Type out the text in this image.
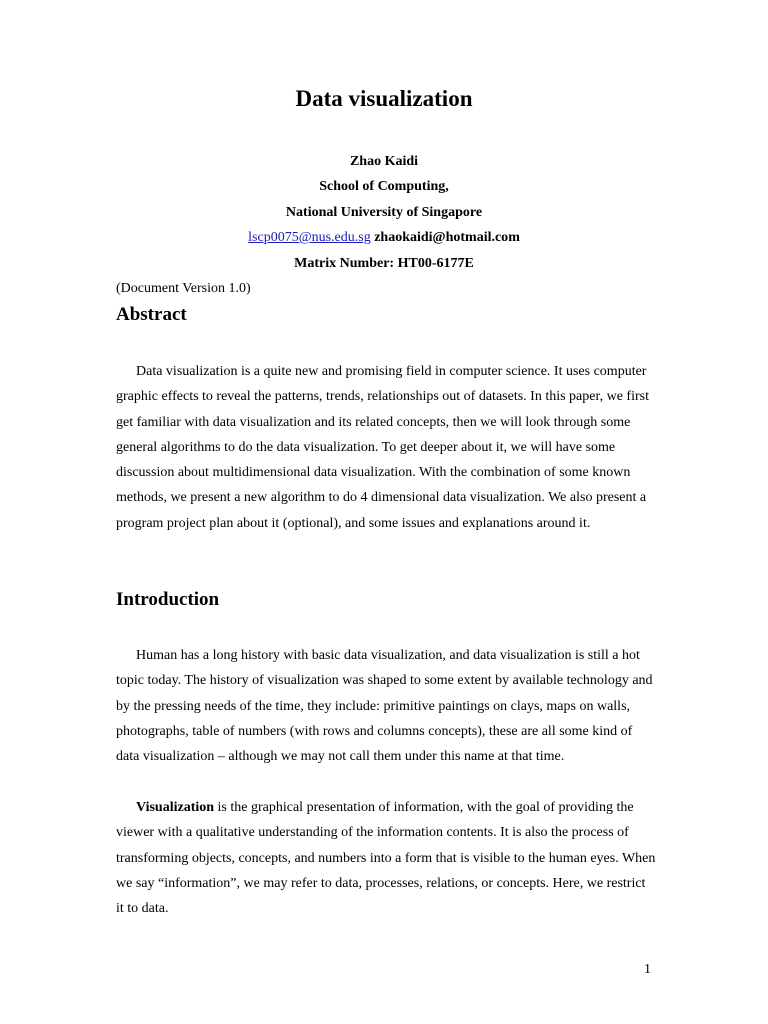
Data visualization
Zhao Kaidi
School of Computing,
National University of Singapore
lscp0075@nus.edu.sg zhaokaidi@hotmail.com
Matrix Number: HT00-6177E
(Document Version 1.0)
Abstract

Data visualization is a quite new and promising field in computer science. It uses computer graphic effects to reveal the patterns, trends, relationships out of datasets. In this paper, we first get familiar with data visualization and its related concepts, then we will look through some general algorithms to do the data visualization. To get deeper about it, we will have some discussion about multidimensional data visualization. With the combination of some known methods, we present a new algorithm to do 4 dimensional data visualization. We also present a program project plan about it (optional), and some issues and explanations around it.

Introduction

Human has a long history with basic data visualization, and data visualization is still a hot topic today. The history of visualization was shaped to some extent by available technology and by the pressing needs of the time, they include: primitive paintings on clays, maps on walls, photographs, table of numbers (with rows and columns concepts), these are all some kind of data visualization – although we may not call them under this name at that time.

Visualization is the graphical presentation of information, with the goal of providing the viewer with a qualitative understanding of the information contents. It is also the process of transforming objects, concepts, and numbers into a form that is visible to the human eyes. When we say “information”, we may refer to data, processes, relations, or concepts. Here, we restrict it to data.

1
